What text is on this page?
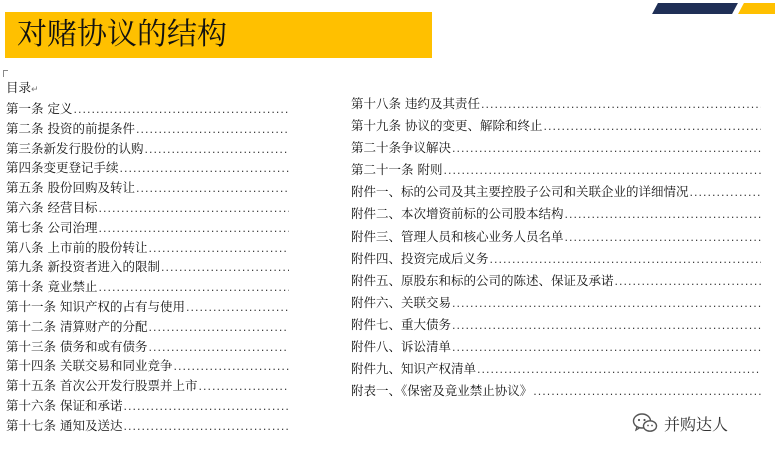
对赌协议的结构
目录↵
第一条 定义
.....
第二条 投资的前提条件
.....
第三条新发行股份的认购
.....
第四条变更登记手续
.....
第五条 股份回购及转让
.....
第六条 经营目标
.....
第七条 公司治理
.....
第八条 上市前的股份转让
.....
第九条 新投资者进入的限制
.....
第十条 竟业禁止
.....
第十一条 知识产权的占有与使用
.....
第十二条 清算财产的分配
.....
第十三条 债务和或有债务
.....
第十四条 关联交易和同业竞争
.....
第十五条 首次公开发行股票并上市
.....
第十六条 保证和承诺
.....
第十七条 通知及送达
.....
第十八条 违约及其责任
.....
第十九条 协议的变更、解除和终止
.....
第二十条争议解决
.....
第二十一条 附则
.....
附件一、标的公司及其主要控股子公司和关联企业的详细情况
.....
附件二、本次增资前标的公司股本结构
.....
附件三、管理人员和核心业务人员名单
.....
附件四、投资完成后义务
.....
附件五、原股东和标的公司的陈述、保证及承诺
.....
附件六、关联交易
.....
附件七、重大债务
.....
附件八、诉讼清单
.....
附件九、知识产权清单
.....
附表一、《保密及竟业禁止协议》
.....
并购达人
